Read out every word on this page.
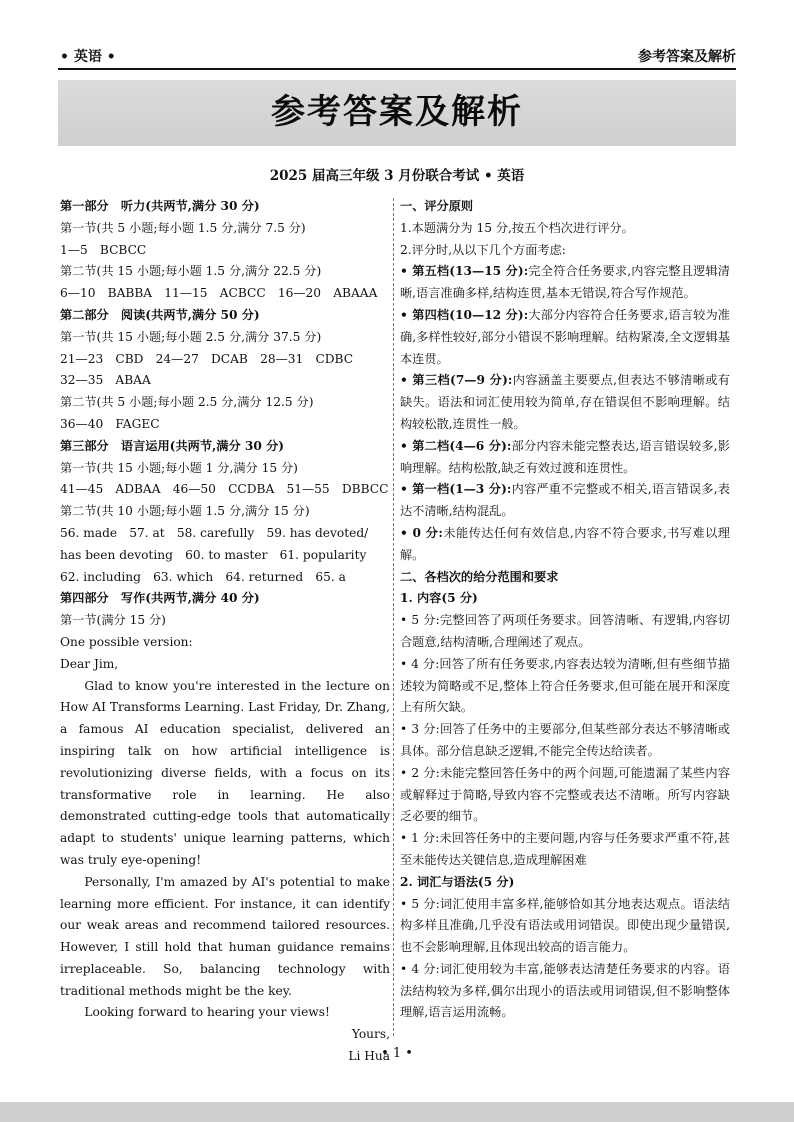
• 英语 •	参考答案及解析
参考答案及解析
2025 届高三年级 3 月份联合考试 • 英语
第一部分　听力(共两节,满分 30 分)
第一节(共 5 小题;每小题 1.5 分,满分 7.5 分)
1—5　BCBCC
第二节(共 15 小题;每小题 1.5 分,满分 22.5 分)
6—10　BABBA　11—15　ACBCC　16—20　ABAAA
第二部分　阅读(共两节,满分 50 分)
第一节(共 15 小题;每小题 2.5 分,满分 37.5 分)
21—23　CBD　24—27　DCAB　28—31　CDBC
32—35　ABAA
第二节(共 5 小题;每小题 2.5 分,满分 12.5 分)
36—40　FAGEC
第三部分　语言运用(共两节,满分 30 分)
第一节(共 15 小题;每小题 1 分,满分 15 分)
41—45　ADBAA　46—50　CCDBA　51—55　DBBCC
第二节(共 10 小题;每小题 1.5 分,满分 15 分)
56. made　57. at　58. carefully　59. has devoted/
has been devoting　60. to master　61. popularity
62. including　63. which　64. returned　65. a
第四部分　写作(共两节,满分 40 分)
第一节(满分 15 分)
One possible version:
Dear Jim,
Glad to know you're interested in the lecture on How AI Transforms Learning. Last Friday, Dr. Zhang, a famous AI education specialist, delivered an inspiring talk on how artificial intelligence is revolutionizing diverse fields, with a focus on its transformative role in learning. He also demonstrated cutting-edge tools that automatically adapt to students' unique learning patterns, which was truly eye-opening!
Personally, I'm amazed by AI's potential to make learning more efficient. For instance, it can identify our weak areas and recommend tailored resources. However, I still hold that human guidance remains irreplaceable. So, balancing technology with traditional methods might be the key.
Looking forward to hearing your views!
Yours,
Li Hua
一、评分原则
1.本题满分为 15 分,按五个档次进行评分。
2.评分时,从以下几个方面考虑:
• 第五档(13—15 分):完全符合任务要求,内容完整且逻辑清晰,语言准确多样,结构连贯,基本无错误,符合写作规范。
• 第四档(10—12 分):大部分内容符合任务要求,语言较为准确,多样性较好,部分小错误不影响理解。结构紧凑,全文逻辑基本连贯。
• 第三档(7—9 分):内容涵盖主要要点,但表达不够清晰或有缺失。语法和词汇使用较为简单,存在错误但不影响理解。结构较松散,连贯性一般。
• 第二档(4—6 分):部分内容未能完整表达,语言错误较多,影响理解。结构松散,缺乏有效过渡和连贯性。
• 第一档(1—3 分):内容严重不完整或不相关,语言错误多,表达不清晰,结构混乱。
• 0 分:未能传达任何有效信息,内容不符合要求,书写难以理解。
二、各档次的给分范围和要求
1. 内容(5 分)
• 5 分:完整回答了两项任务要求。回答清晰、有逻辑,内容切合题意,结构清晰,合理阐述了观点。
• 4 分:回答了所有任务要求,内容表达较为清晰,但有些细节描述较为简略或不足,整体上符合任务要求,但可能在展开和深度上有所欠缺。
• 3 分:回答了任务中的主要部分,但某些部分表达不够清晰或具体。部分信息缺乏逻辑,不能完全传达给读者。
• 2 分:未能完整回答任务中的两个问题,可能遗漏了某些内容或解释过于简略,导致内容不完整或表达不清晰。所写内容缺乏必要的细节。
• 1 分:未回答任务中的主要问题,内容与任务要求严重不符,甚至未能传达关键信息,造成理解困难
2. 词汇与语法(5 分)
• 5 分:词汇使用丰富多样,能够恰如其分地表达观点。语法结构多样且准确,几乎没有语法或用词错误。即使出现少量错误,也不会影响理解,且体现出较高的语言能力。
• 4 分:词汇使用较为丰富,能够表达清楚任务要求的内容。语法结构较为多样,偶尔出现小的语法或用词错误,但不影响整体理解,语言运用流畅。
• 1 •
